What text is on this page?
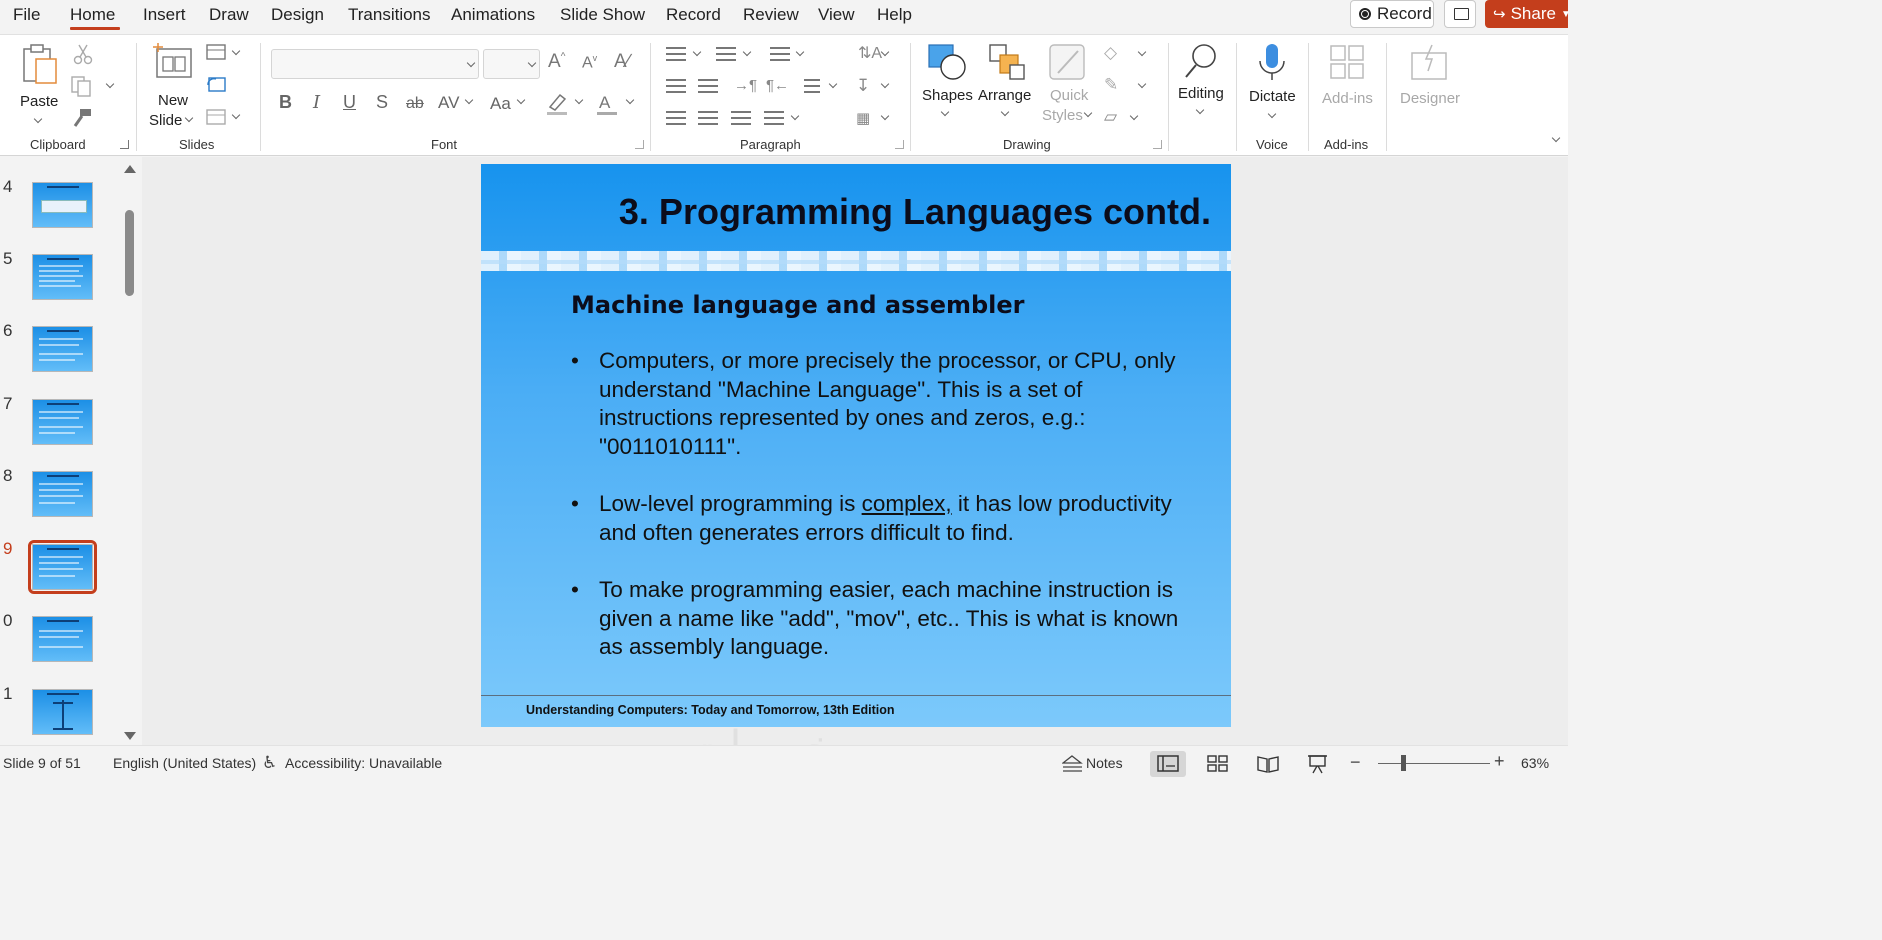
File Home Insert Draw Design Transitions Animations Slide Show Record Review View Help	Record	↪ Share ▼
Paste
Clipboard
New
Slide
Slides
A^ $A^v$ A∕
B I U S ab AV Aa	A
Font
⇅A
→¶ ¶←	↧
▦
Paragraph
Shapes Arrange Quick
Styles
◇
✎
▱
Drawing
Editing Dictate
Voice
Add-ins
Add-ins
Designer
4
5
6
7
8
9
0
1
3. Programming Languages contd.
Machine language and assembler
• Computers, or more precisely the processor, or CPU, only understand "Machine Language". This is a set of instructions represented by ones and zeros, e.g.: "0011010111".
• Low-level programming is complex, it has low productivity and often generates errors difficult to find.
• To make programming easier, each machine instruction is given a name like "add", "mov", etc.. This is what is known as assembly language.
Understanding Computers: Today and Tomorrow, 13th Edition
Slide 9 of 51 English (United States) ♿ Accessibility: Unavailable	Notes	−	+ 63%
